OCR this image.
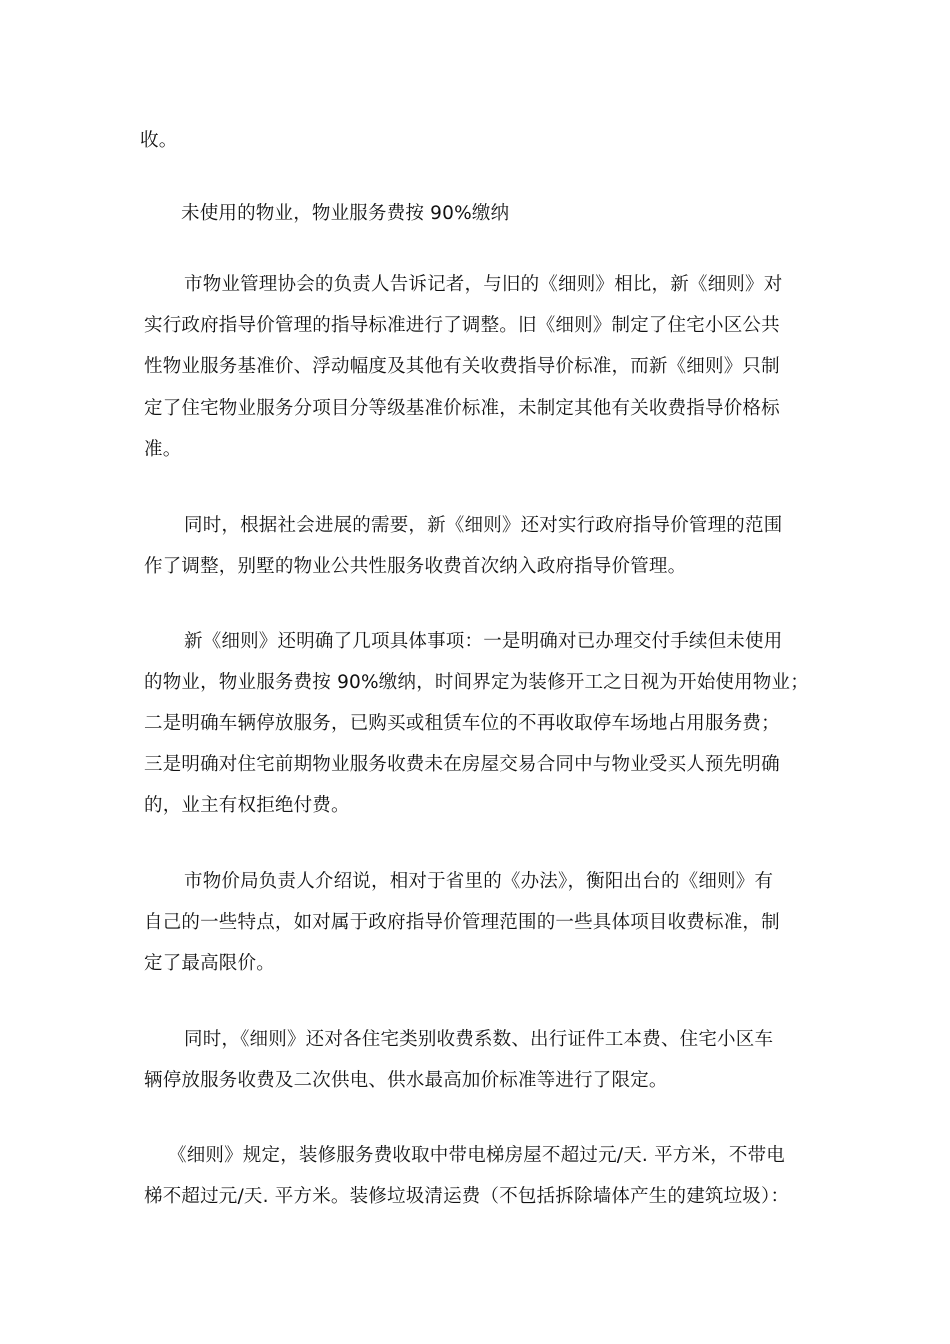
收。
未使用的物业，物业服务费按 90%缴纳
市物业管理协会的负责人告诉记者，与旧的《细则》相比，新《细则》对
实行政府指导价管理的指导标准进行了调整。旧《细则》制定了住宅小区公共
性物业服务基准价、浮动幅度及其他有关收费指导价标准，而新《细则》只制
定了住宅物业服务分项目分等级基准价标准，未制定其他有关收费指导价格标
准。
同时，根据社会进展的需要，新《细则》还对实行政府指导价管理的范围
作了调整，别墅的物业公共性服务收费首次纳入政府指导价管理。
新《细则》还明确了几项具体事项：一是明确对已办理交付手续但未使用
的物业，物业服务费按 90%缴纳，时间界定为装修开工之日视为开始使用物业；
二是明确车辆停放服务，已购买或租赁车位的不再收取停车场地占用服务费；
三是明确对住宅前期物业服务收费未在房屋交易合同中与物业受买人预先明确
的，业主有权拒绝付费。
市物价局负责人介绍说，相对于省里的《办法》，衡阳出台的《细则》有
自己的一些特点，如对属于政府指导价管理范围的一些具体项目收费标准，制
定了最高限价。
同时，《细则》还对各住宅类别收费系数、出行证件工本费、住宅小区车
辆停放服务收费及二次供电、供水最高加价标准等进行了限定。
《细则》规定，装修服务费收取中带电梯房屋不超过元/天. 平方米，不带电
梯不超过元/天. 平方米。装修垃圾清运费（不包括拆除墙体产生的建筑垃圾）：
